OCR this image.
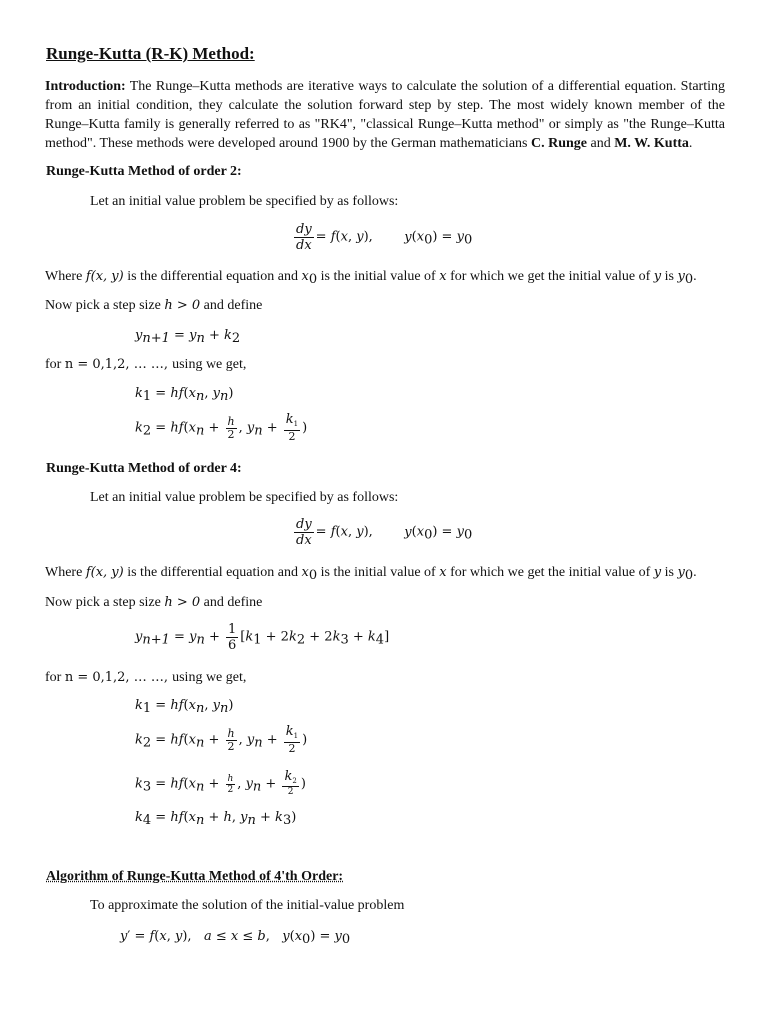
Runge-Kutta (R-K) Method:
Introduction: The Runge–Kutta methods are iterative ways to calculate the solution of a differential equation. Starting from an initial condition, they calculate the solution forward step by step. The most widely known member of the Runge–Kutta family is generally referred to as "RK4", "classical Runge–Kutta method" or simply as "the Runge–Kutta method". These methods were developed around 1900 by the German mathematicians C. Runge and M. W. Kutta.
Runge-Kutta Method of order 2:
Let an initial value problem be specified by as follows:
$\frac{dy}{dx} = f(x$, y), $y(x_0) = y_0$
Where f(x, y) is the differential equation and $x_0$ is the initial value of x for which we get the initial value of y is $y_0$.
Now pick a step size h > 0 and define
$y_{n+1} = y_n + k_2$
for n = 0,1,2, … …, using we get,
$k_1 = hf(x_n$, $y_n$)
$k_2 = hf(x_n + \frac{h}{2}$ , $y_n + \frac{k_1}{2}$ )
Runge-Kutta Method of order 4:
Let an initial value problem be specified by as follows:
$\frac{dy}{dx} = f(x$, y), $y(x_0) = y_0$
Where f(x, y) is the differential equation and $x_0$ is the initial value of x for which we get the initial value of y is $y_0$.
Now pick a step size h > 0 and define
$y_{n+1} = y_n + \frac{1}{6} [k_1 + 2k_2 + 2k_3 + k_4]$
for n = 0,1,2, … …, using we get,
$k_1 = hf(x_n$, $y_n$)
$k_2 = hf(x_n + \frac{h}{2}$ , $y_n + \frac{k_1}{2}$ )
$k_3 = hf(x_n + \frac{h}{2}$ , $y_n + \frac{k_2}{2}$ )
$k_4 = hf(x_n + h$, $y_n + k_3$)
Algorithm of Runge-Kutta Method of 4'th Order:
To approximate the solution of the initial-value problem
y′ = f(x, y),   a ≤ x ≤ b,   $y(x_0) = y_0$
